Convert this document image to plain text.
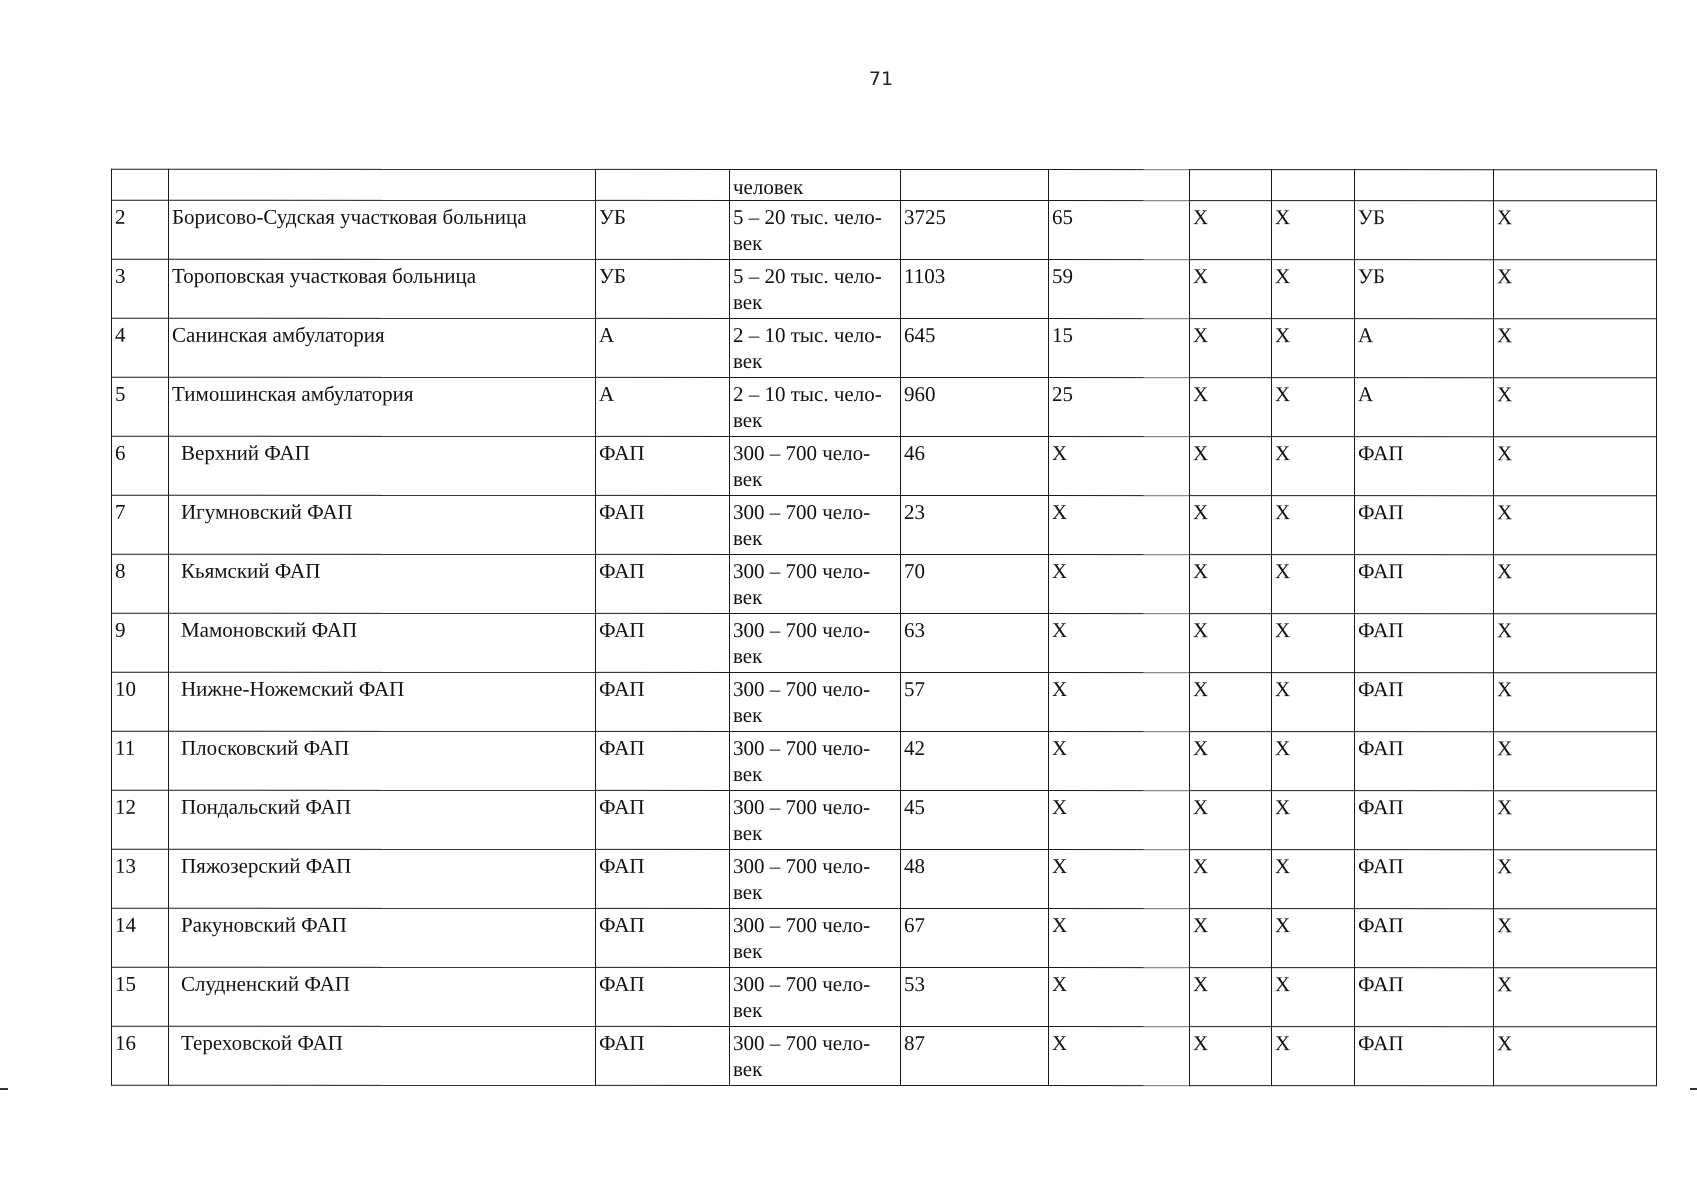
71
			человек						
2	Борисово-Судская участковая больница	УБ	5 – 20 тыс. чело-век	3725	65	Х	Х	УБ	Х
3	Тороповская участковая больница	УБ	5 – 20 тыс. чело-век	1103	59	Х	Х	УБ	Х
4	Санинская амбулатория	А	2 – 10 тыс. чело-век	645	15	Х	Х	А	Х
5	Тимошинская амбулатория	А	2 – 10 тыс. чело-век	960	25	Х	Х	А	Х
6	Верхний ФАП	ФАП	300 – 700 чело-век	46	Х	Х	Х	ФАП	Х
7	Игумновский ФАП	ФАП	300 – 700 чело-век	23	Х	Х	Х	ФАП	Х
8	Кьямский ФАП	ФАП	300 – 700 чело-век	70	Х	Х	Х	ФАП	Х
9	Мамоновский ФАП	ФАП	300 – 700 чело-век	63	Х	Х	Х	ФАП	Х
10	Нижне-Ножемский ФАП	ФАП	300 – 700 чело-век	57	Х	Х	Х	ФАП	Х
11	Плосковский ФАП	ФАП	300 – 700 чело-век	42	Х	Х	Х	ФАП	Х
12	Пондальский ФАП	ФАП	300 – 700 чело-век	45	Х	Х	Х	ФАП	Х
13	Пяжозерский ФАП	ФАП	300 – 700 чело-век	48	Х	Х	Х	ФАП	Х
14	Ракуновский ФАП	ФАП	300 – 700 чело-век	67	Х	Х	Х	ФАП	Х
15	Слудненский ФАП	ФАП	300 – 700 чело-век	53	Х	Х	Х	ФАП	Х
16	Тереховской ФАП	ФАП	300 – 700 чело-век	87	Х	Х	Х	ФАП	Х
